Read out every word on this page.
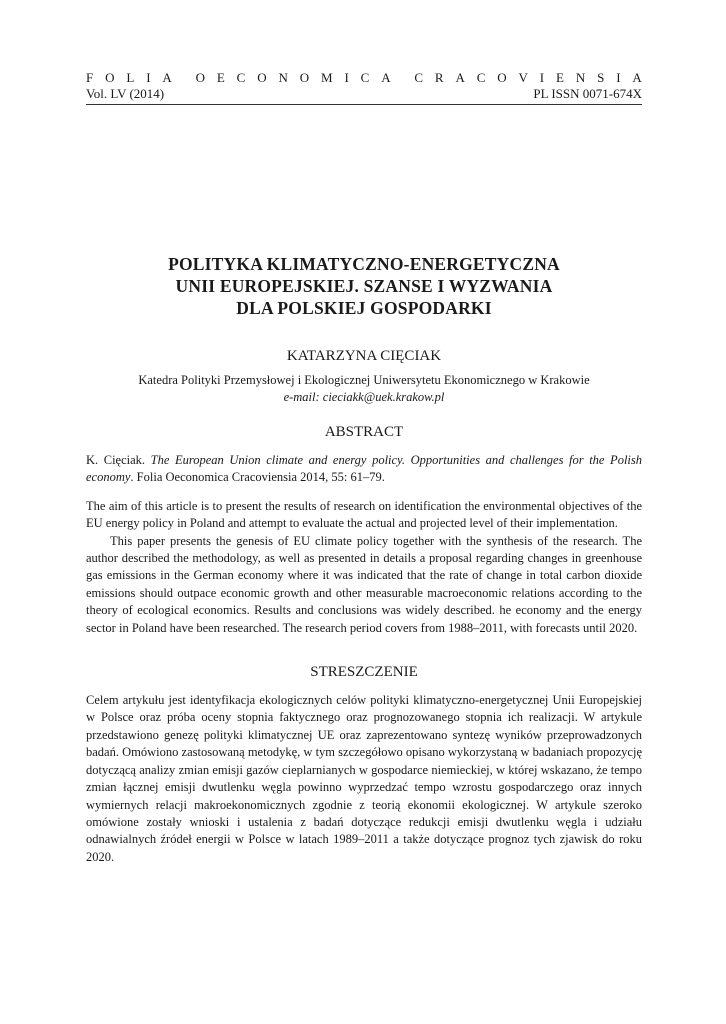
F O L I A O E C O N O M I C A C R A C O V I E N S I A
Vol. LV (2014)	PL ISSN 0071-674X
POLITYKA KLIMATYCZNO-ENERGETYCZNA
UNII EUROPEJSKIEJ. SZANSE I WYZWANIA
DLA POLSKIEJ GOSPODARKI
KATARZYNA CIĘCIAK
Katedra Polityki Przemysłowej i Ekologicznej Uniwersytetu Ekonomicznego w Krakowie
e-mail: cieciakk@uek.krakow.pl
ABSTRACT

K. Cięciak. The European Union climate and energy policy. Opportunities and challenges for the Polish economy. Folia Oeconomica Cracoviensia 2014, 55: 61–79.

The aim of this article is to present the results of research on identification the environmental objectives of the EU energy policy in Poland and attempt to evaluate the actual and projected level of their implementation.

This paper presents the genesis of EU climate policy together with the synthesis of the research. The author described the methodology, as well as presented in details a proposal regarding changes in greenhouse gas emissions in the German economy where it was indicated that the rate of change in total carbon dioxide emissions should outpace economic growth and other measurable macroeconomic relations according to the theory of ecological economics. Results and conclusions was widely described. he economy and the energy sector in Poland have been researched. The research period covers from 1988–2011, with forecasts until 2020.

STRESZCZENIE

Celem artykułu jest identyfikacja ekologicznych celów polityki klimatyczno-energetycznej Unii Europejskiej w Polsce oraz próba oceny stopnia faktycznego oraz prognozowanego stopnia ich realizacji. W artykule przedstawiono genezę polityki klimatycznej UE oraz zaprezentowano syntezę wyników przeprowadzonych badań. Omówiono zastosowaną metodykę, w tym szczegółowo opisano wykorzystaną w badaniach propozycję dotyczącą analizy zmian emisji gazów cieplarnianych w gospodarce niemieckiej, w której wskazano, że tempo zmian łącznej emisji dwutlenku węgla powinno wyprzedzać tempo wzrostu gospodarczego oraz innych wymiernych relacji makroekonomicznych zgodnie z teorią ekonomii ekologicznej. W artykule szeroko omówione zostały wnioski i ustalenia z badań dotyczące redukcji emisji dwutlenku węgla i udziału odnawialnych źródeł energii w Polsce w latach 1989–2011 a także dotyczące prognoz tych zjawisk do roku 2020.
